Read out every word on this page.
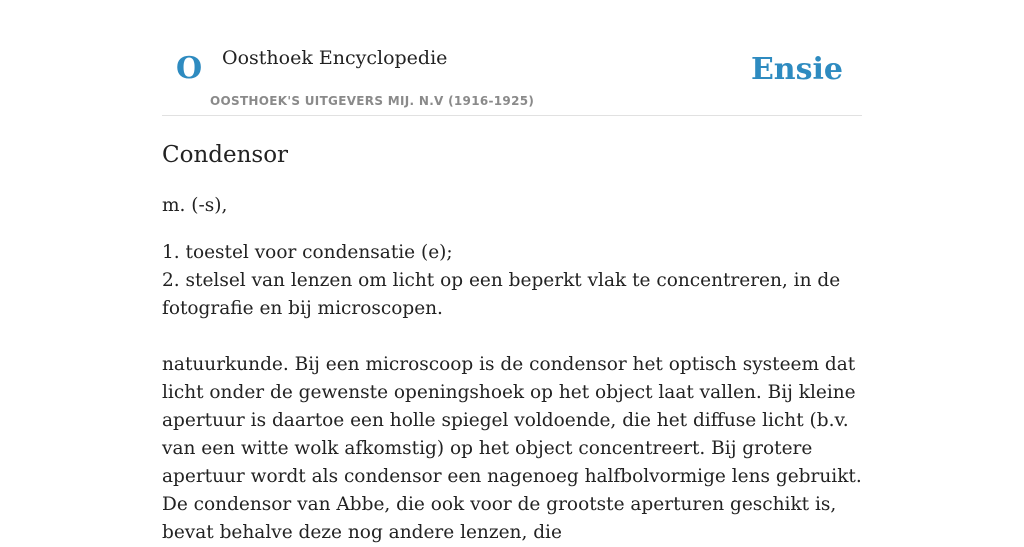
O Oosthoek Encyclopedie
OOSTHOEK'S UITGEVERS MIJ. N.V (1916-1925)
Ensie
Condensor

m. (-s),

1. toestel voor condensatie (e);
2. stelsel van lenzen om licht op een beperkt vlak te concentreren, in de fotografie en bij microscopen.

natuurkunde. Bij een microscoop is de condensor het optisch systeem dat licht onder de gewenste openingshoek op het object laat vallen. Bij kleine apertuur is daartoe een holle spiegel voldoende, die het diffuse licht (b.v. van een witte wolk afkomstig) op het object concentreert. Bij grotere apertuur wordt als condensor een nagenoeg halfbolvormige lens gebruikt. De condensor van Abbe, die ook voor de grootste aperturen geschikt is, bevat behalve deze nog andere lenzen, die
